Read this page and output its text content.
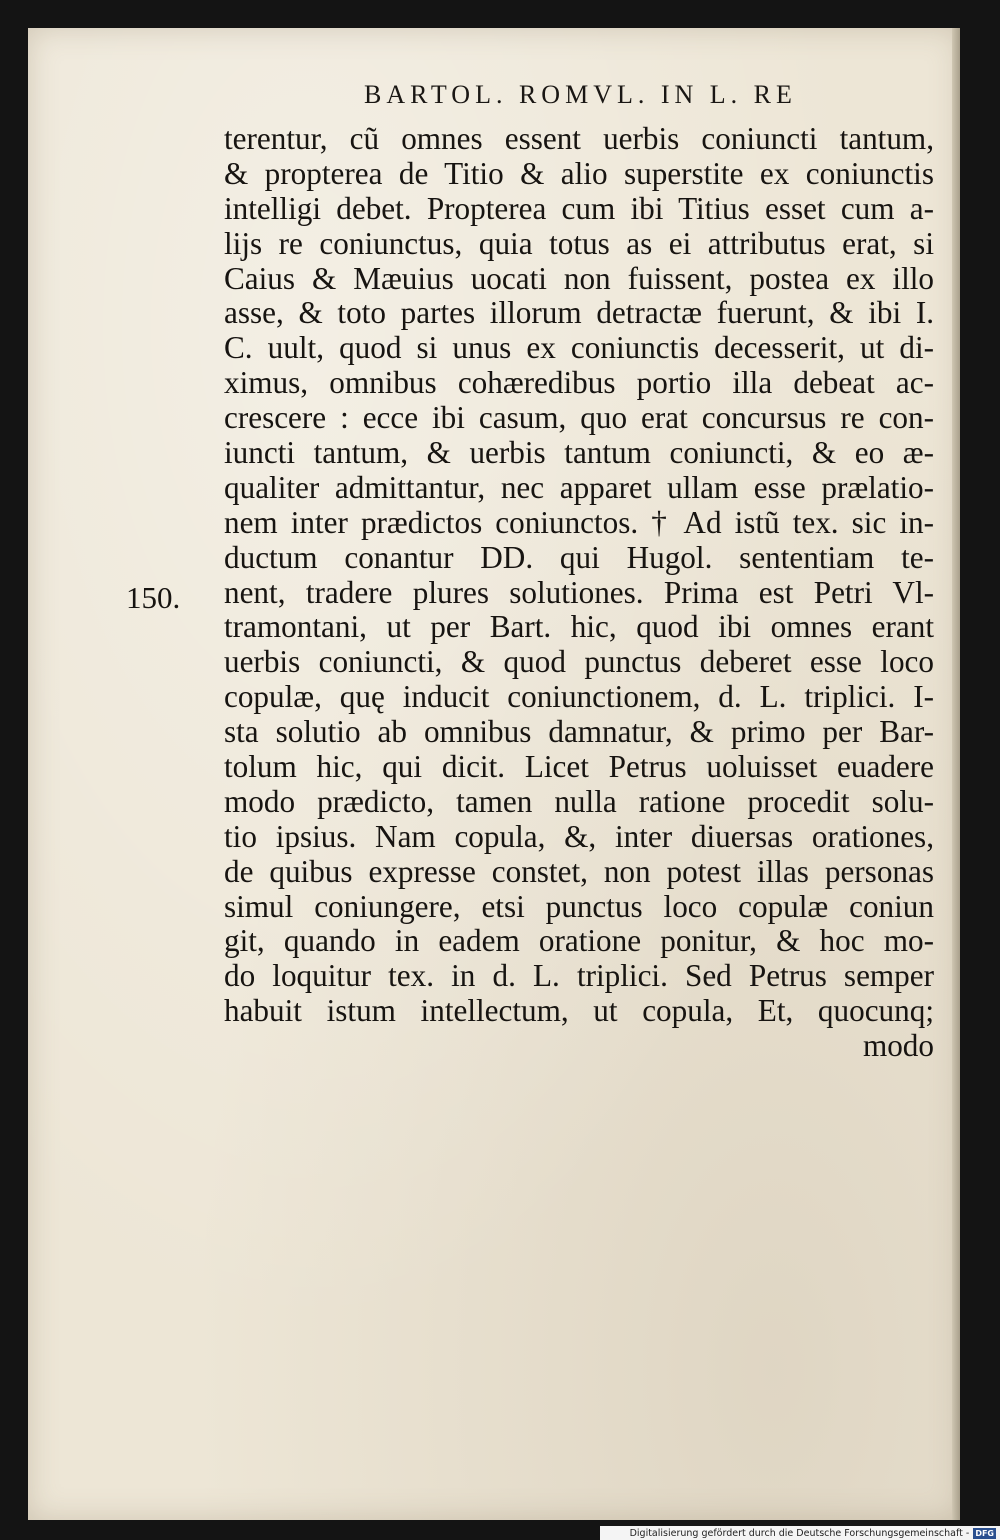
BARTOL. ROMVL. IN L. RE
150.
terentur, cũ omnes essent uerbis coniuncti tantum,
& propterea de Titio & alio superstite ex coniunctis
intelligi debet. Propterea cum ibi Titius esset cum a-
lijs re coniunctus, quia totus as ei attributus erat, si
Caius & Mæuius uocati non fuissent, postea ex illo
asse, & toto partes illorum detractæ fuerunt, & ibi I.
C. uult, quod si unus ex coniunctis decesserit, ut di-
ximus, omnibus cohæredibus portio illa debeat ac-
crescere : ecce ibi casum, quo erat concursus re con-
iuncti tantum, & uerbis tantum coniuncti, & eo æ-
qualiter admittantur, nec apparet ullam esse prælatio-
nem inter prædictos coniunctos. † Ad istũ tex. sic in-
ductum conantur DD. qui Hugol. sententiam te-
nent, tradere plures solutiones. Prima est Petri Vl-
tramontani, ut per Bart. hic, quod ibi omnes erant
uerbis coniuncti, & quod punctus deberet esse loco
copulæ, quę inducit coniunctionem, d. L. triplici. I-
sta solutio ab omnibus damnatur, & primo per Bar-
tolum hic, qui dicit. Licet Petrus uoluisset euadere
modo prædicto, tamen nulla ratione procedit solu-
tio ipsius. Nam copula, &, inter diuersas orationes,
de quibus expresse constet, non potest illas personas
simul coniungere, etsi punctus loco copulæ coniun
git, quando in eadem oratione ponitur, & hoc mo-
do loquitur tex. in d. L. triplici. Sed Petrus semper
habuit istum intellectum, ut copula, Et, quocunq;
modo
Digitalisierung gefördert durch die Deutsche Forschungsgemeinschaft - DFG
